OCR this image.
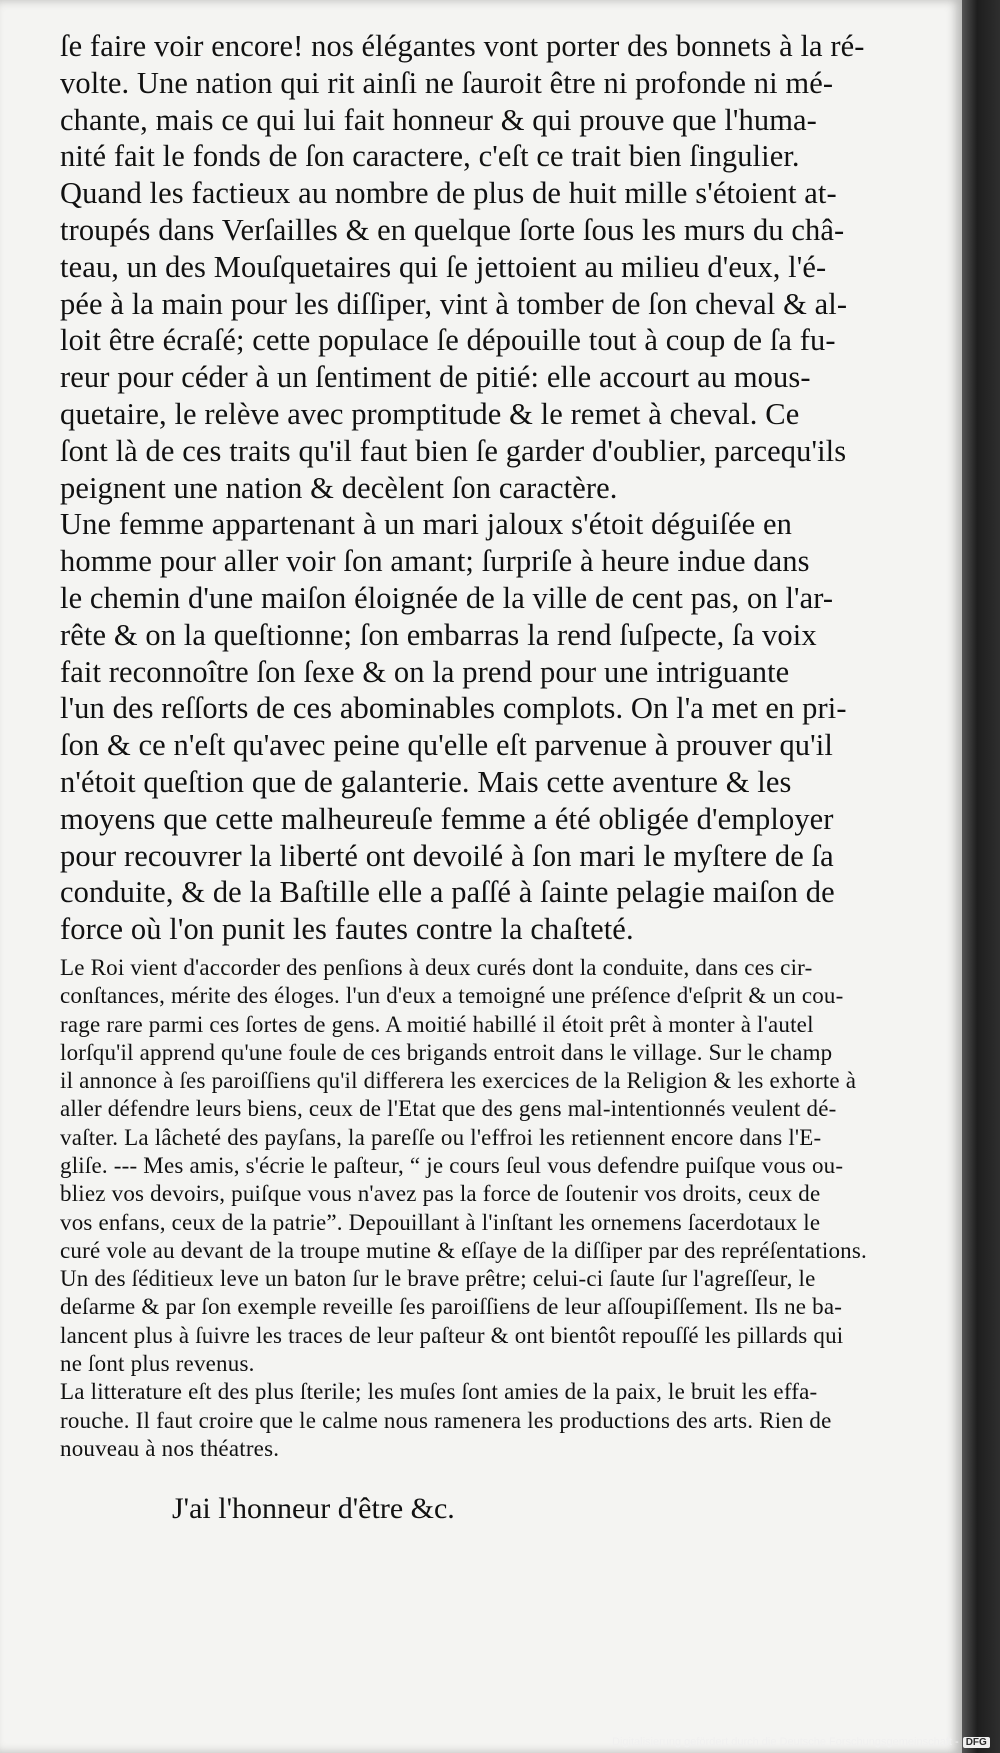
ſe faire voir encore! nos élégantes vont porter des bonnets à la ré-
volte. Une nation qui rit ainſi ne ſauroit être ni profonde ni mé-
chante, mais ce qui lui fait honneur & qui prouve que l'huma-
nité fait le fonds de ſon caractere, c'eſt ce trait bien ſingulier.
Quand les factieux au nombre de plus de huit mille s'étoient at-
troupés dans Verſailles & en quelque ſorte ſous les murs du châ-
teau, un des Mouſquetaires qui ſe jettoient au milieu d'eux, l'é-
pée à la main pour les diſſiper, vint à tomber de ſon cheval & al-
loit être écraſé; cette populace ſe dépouille tout à coup de ſa fu-
reur pour céder à un ſentiment de pitié: elle accourt au mous-
quetaire, le relève avec promptitude & le remet à cheval. Ce
ſont là de ces traits qu'il faut bien ſe garder d'oublier, parcequ'ils
peignent une nation & decèlent ſon caractère.
Une femme appartenant à un mari jaloux s'étoit déguiſée en
homme pour aller voir ſon amant; ſurpriſe à heure indue dans
le chemin d'une maiſon éloignée de la ville de cent pas, on l'ar-
rête & on la queſtionne; ſon embarras la rend ſuſpecte, ſa voix
fait reconnoître ſon ſexe & on la prend pour une intriguante
l'un des reſſorts de ces abominables complots. On l'a met en pri-
ſon & ce n'eſt qu'avec peine qu'elle eſt parvenue à prouver qu'il
n'étoit queſtion que de galanterie. Mais cette aventure & les
moyens que cette malheureuſe femme a été obligée d'employer
pour recouvrer la liberté ont devoilé à ſon mari le myſtere de ſa
conduite, & de la Baſtille elle a paſſé à ſainte pelagie maiſon de
force où l'on punit les fautes contre la chaſteté.
Le Roi vient d'accorder des penſions à deux curés dont la conduite, dans ces cir-
conſtances, mérite des éloges. l'un d'eux a temoigné une préſence d'eſprit & un cou-
rage rare parmi ces ſortes de gens. A moitié habillé il étoit prêt à monter à l'autel
lorſqu'il apprend qu'une foule de ces brigands entroit dans le village. Sur le champ
il annonce à ſes paroiſſiens qu'il differera les exercices de la Religion & les exhorte à
aller défendre leurs biens, ceux de l'Etat que des gens mal-intentionnés veulent dé-
vaſter. La lâcheté des payſans, la pareſſe ou l'effroi les retiennent encore dans l'E-
gliſe. --- Mes amis, s'écrie le paſteur, “ je cours ſeul vous defendre puiſque vous ou-
bliez vos devoirs, puiſque vous n'avez pas la force de ſoutenir vos droits, ceux de
vos enfans, ceux de la patrie”. Depouillant à l'inſtant les ornemens ſacerdotaux le
curé vole au devant de la troupe mutine & eſſaye de la diſſiper par des repréſentations.
Un des ſéditieux leve un baton ſur le brave prêtre; celui-ci ſaute ſur l'agreſſeur, le
deſarme & par ſon exemple reveille ſes paroiſſiens de leur aſſoupiſſement. Ils ne ba-
lancent plus à ſuivre les traces de leur paſteur & ont bientôt repouſſé les pillards qui
ne ſont plus revenus.
La litterature eſt des plus ſterile; les muſes ſont amies de la paix, le bruit les effa-
rouche. Il faut croire que le calme nous ramenera les productions des arts. Rien de
nouveau à nos théatres.
J'ai l'honneur d'être &c.
Digitalisierung gefördert durch die Deutsche Forschungsgemeinschaft - DFG
